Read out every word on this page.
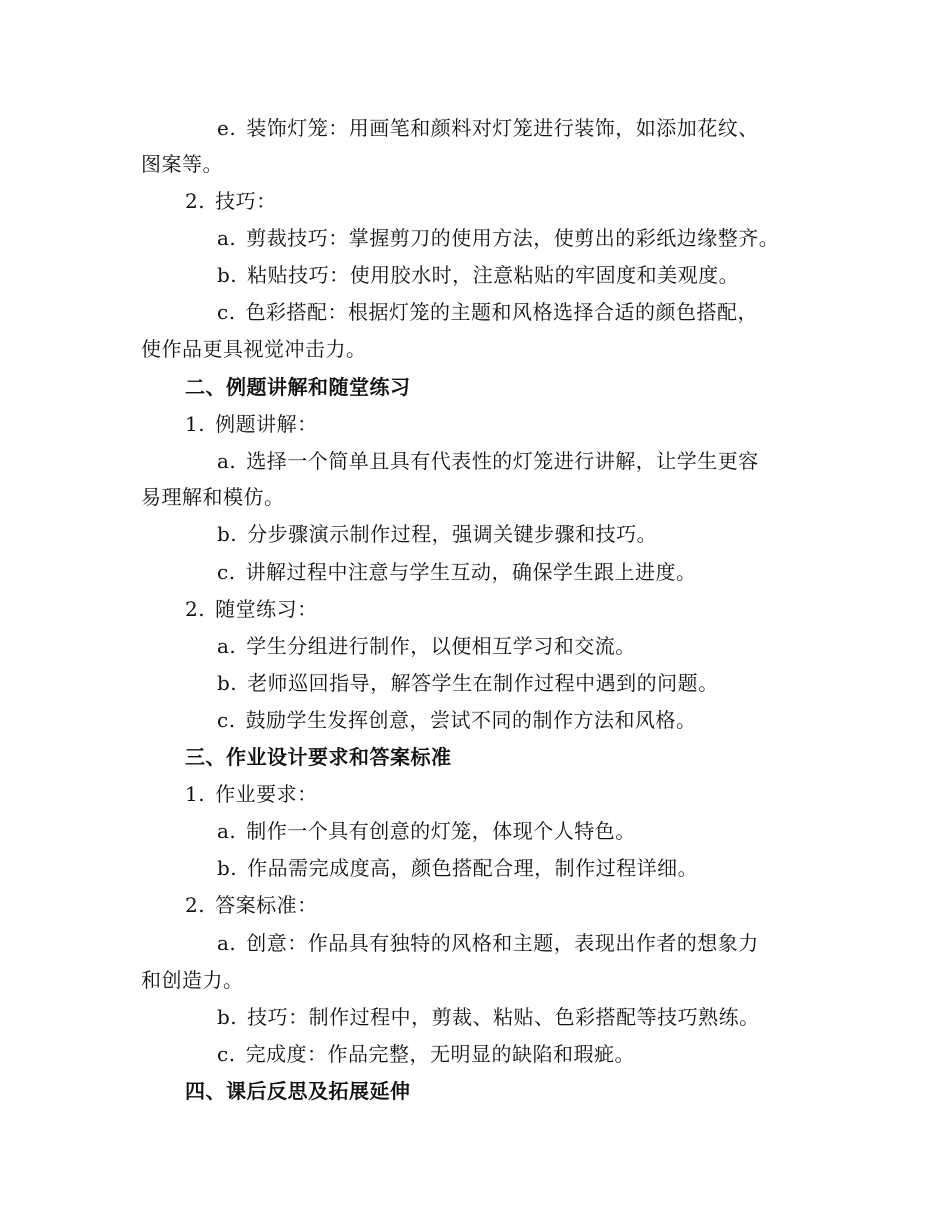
e. 装饰灯笼：用画笔和颜料对灯笼进行装饰，如添加花纹、
图案等。
2. 技巧：
a. 剪裁技巧：掌握剪刀的使用方法，使剪出的彩纸边缘整齐。
b. 粘贴技巧：使用胶水时，注意粘贴的牢固度和美观度。
c. 色彩搭配：根据灯笼的主题和风格选择合适的颜色搭配，
使作品更具视觉冲击力。
二、例题讲解和随堂练习
1. 例题讲解：
a. 选择一个简单且具有代表性的灯笼进行讲解，让学生更容
易理解和模仿。
b. 分步骤演示制作过程，强调关键步骤和技巧。
c. 讲解过程中注意与学生互动，确保学生跟上进度。
2. 随堂练习：
a. 学生分组进行制作，以便相互学习和交流。
b. 老师巡回指导，解答学生在制作过程中遇到的问题。
c. 鼓励学生发挥创意，尝试不同的制作方法和风格。
三、作业设计要求和答案标准
1. 作业要求：
a. 制作一个具有创意的灯笼，体现个人特色。
b. 作品需完成度高，颜色搭配合理，制作过程详细。
2. 答案标准：
a. 创意：作品具有独特的风格和主题，表现出作者的想象力
和创造力。
b. 技巧：制作过程中，剪裁、粘贴、色彩搭配等技巧熟练。
c. 完成度：作品完整，无明显的缺陷和瑕疵。
四、课后反思及拓展延伸
